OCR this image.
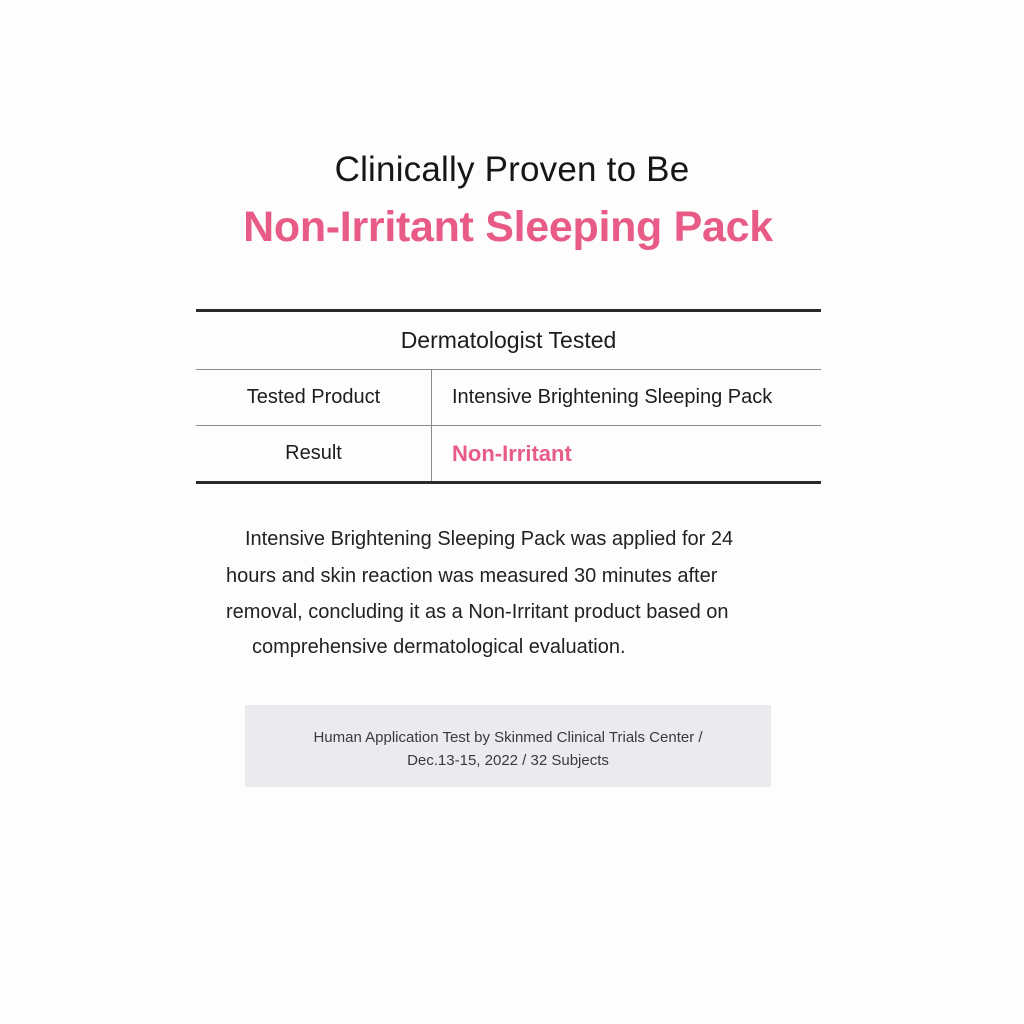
Clinically Proven to Be
Non-Irritant Sleeping Pack
Dermatologist Tested
Tested Product	Intensive Brightening Sleeping Pack
Result	Non-Irritant
Intensive Brightening Sleeping Pack was applied for 24
hours and skin reaction was measured 30 minutes after
removal, concluding it as a Non-Irritant product based on
comprehensive dermatological evaluation.
Human Application Test by Skinmed Clinical Trials Center /
Dec.13-15, 2022 / 32 Subjects
